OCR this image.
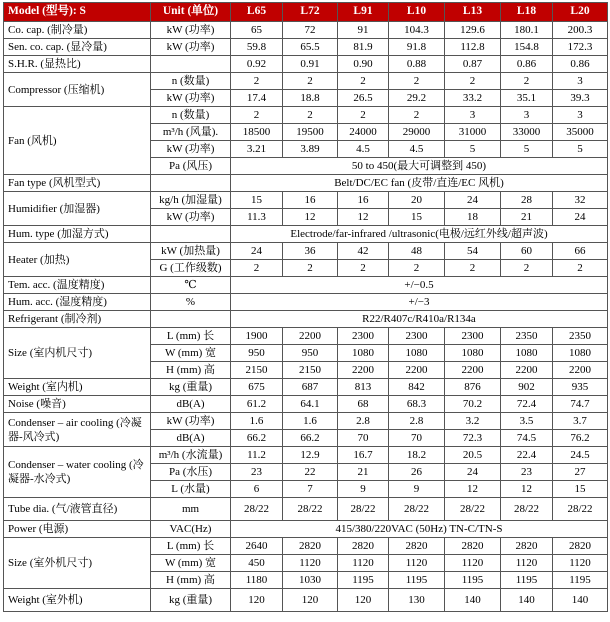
Model (型号): S	Unit (单位)	L65	L72	L91	L10	L13	L18	L20
Co. cap. (制冷量)	kW (功率)	65	72	91	104.3	129.6	180.1	200.3
Sen. co. cap. (显冷量)	kW (功率)	59.8	65.5	81.9	91.8	112.8	154.8	172.3
S.H.R. (显热比)		0.92	0.91	0.90	0.88	0.87	0.86	0.86
Compressor (压缩机)	n (数量)	2	2	2	2	2	2	3
	kW (功率)	17.4	18.8	26.5	29.2	33.2	35.1	39.3
Fan (风机)	n (数量)	2	2	2	2	3	3	3
	m³/h (风量).	18500	19500	24000	29000	31000	33000	35000
	kW (功率)	3.21	3.89	4.5	4.5	5	5	5
	Pa (风压)	50 to 450(最大可调整到 450)						
Fan type (风机型式)		Belt/DC/EC fan (皮带/直连/EC 风机)						
Humidifier (加湿器)	kg/h (加湿量)	15	16	16	20	24	28	32
	kW (功率)	11.3	12	12	15	18	21	24
Hum. type (加湿方式)		Electrode/far-infrared /ultrasonic(电极/远红外线/超声波)						
Heater (加热)	kW (加热量)	24	36	42	48	54	60	66
	G (工作级数)	2	2	2	2	2	2	2
Tem. acc. (温度精度)	℃	+/−0.5						
Hum. acc. (湿度精度)	%	+/−3						
Refrigerant (制冷剂)		R22/R407c/R410a/R134a						
Size (室内机尺寸)	L (mm) 长	1900	2200	2300	2300	2300	2350	2350
	W (mm) 宽	950	950	1080	1080	1080	1080	1080
	H (mm) 高	2150	2150	2200	2200	2200	2200	2200
Weight (室内机)	kg (重量)	675	687	813	842	876	902	935
Noise (噪音)	dB(A)	61.2	64.1	68	68.3	70.2	72.4	74.7
Condenser – air cooling (冷凝器-风冷式)	kW (功率)	1.6	1.6	2.8	2.8	3.2	3.5	3.7
	dB(A)	66.2	66.2	70	70	72.3	74.5	76.2
Condenser – water cooling (冷凝器-水冷式)	m³/h (水流量)	11.2	12.9	16.7	18.2	20.5	22.4	24.5
	Pa (水压)	23	22	21	26	24	23	27
	L (水量)	6	7	9	9	12	12	15
Tube dia. (气/液管直径)	mm	28/22	28/22	28/22	28/22	28/22	28/22	28/22
Power (电源)	VAC(Hz)	415/380/220VAC (50Hz) TN-C/TN-S						
Size (室外机尺寸)	L (mm) 长	2640	2820	2820	2820	2820	2820	2820
	W (mm) 宽	450	1120	1120	1120	1120	1120	1120
	H (mm) 高	1180	1030	1195	1195	1195	1195	1195
Weight (室外机)	kg (重量)	120	120	120	130	140	140	140
